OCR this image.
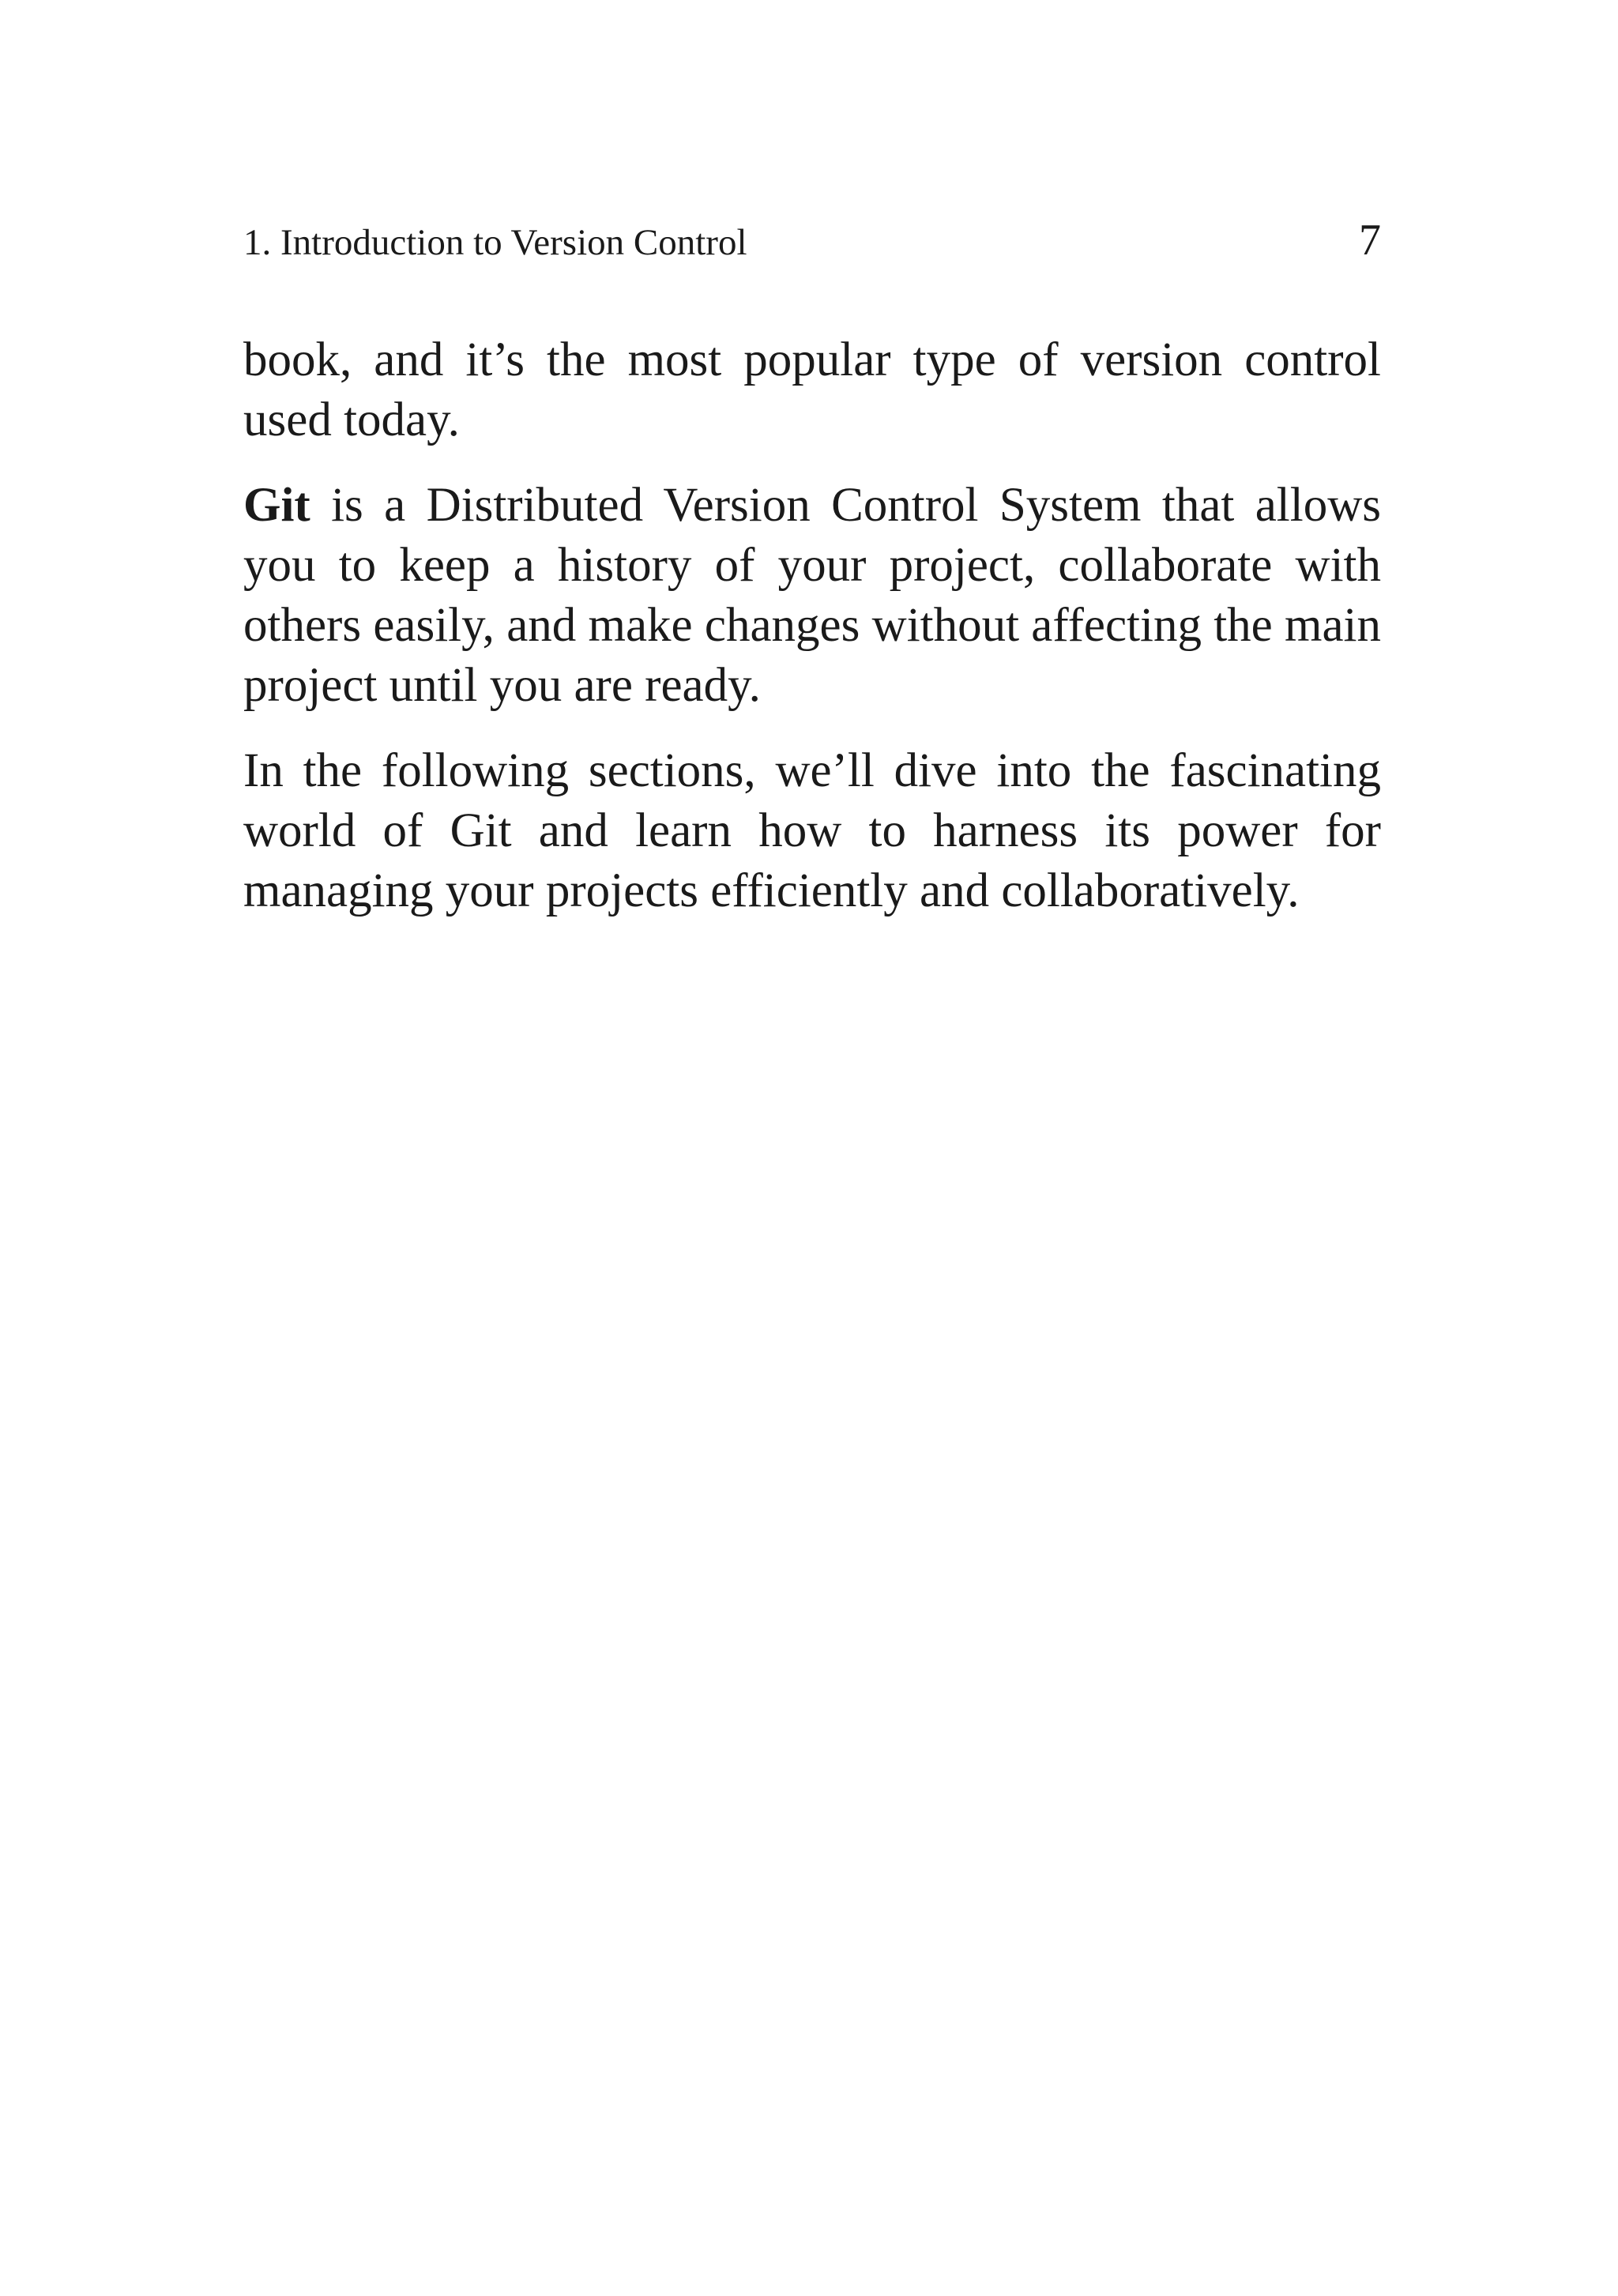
1. Introduction to Version Control	7

book, and it’s the most popular type of version control used today.

Git is a Distributed Version Control System that allows you to keep a history of your project, collaborate with others easily, and make changes without affecting the main project until you are ready.

In the following sections, we’ll dive into the fascinating world of Git and learn how to harness its power for managing your projects efficiently and collaboratively.
